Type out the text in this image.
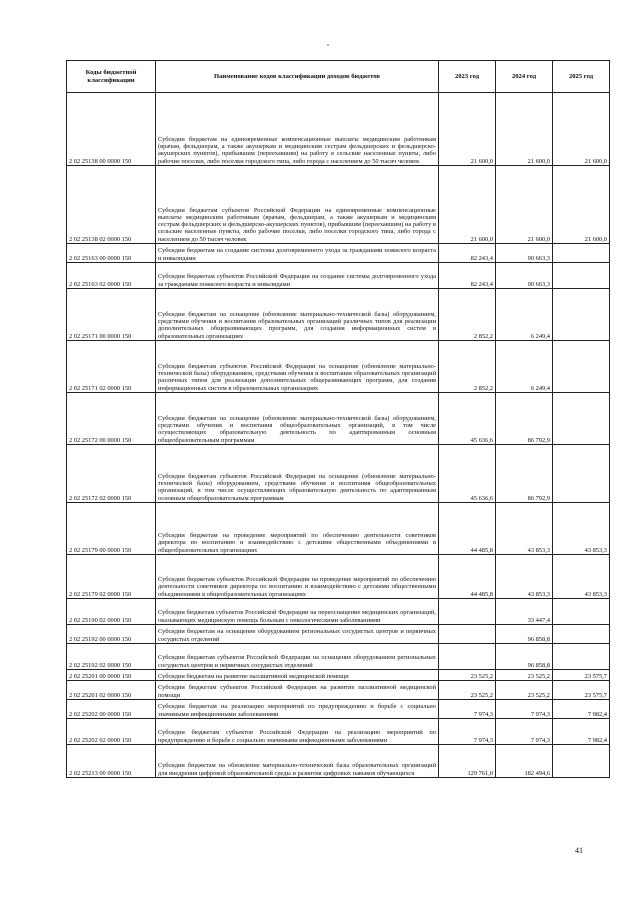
Коды бюджетной классификации	Наименование кодов классификации доходов бюджетов	2023 год	2024 год	2025 год
2 02 25138 00 0000 150	Субсидии бюджетам на единовременные компенсационные выплаты медицинским работникам (врачам, фельдшерам, а также акушеркам и медицинским сестрам фельдшерских и фельдшерско-акушерских пунктов), прибывшим (переехавшим) на работу в сельские населенные пункты, либо рабочие поселки, либо поселки городского типа, либо города с населением до 50 тысяч человек	21 600,0	21 600,0	21 600,0
2 02 25138 02 0000 150	Субсидии бюджетам субъектов Российской Федерации на единовременные компенсационные выплаты медицинским работникам (врачам, фельдшерам, а также акушеркам и медицинским сестрам фельдшерских и фельдшерско-акушерских пунктов), прибывшим (переехавшим) на работу в сельские населенные пункты, либо рабочие поселки, либо поселки городского типа, либо города с населением до 50 тысяч человек	21 600,0	21 600,0	21 600,0
2 02 25163 00 0000 150	Субсидии бюджетам на создание системы долговременного ухода за гражданами пожилого возраста и инвалидами	82 243,4	90 663,3	
2 02 25163 02 0000 150	Субсидии бюджетам субъектов Российской Федерации на создание системы долговременного ухода за гражданами пожилого возраста и инвалидами	82 243,4	90 663,3	
2 02 25171 00 0000 150	Субсидии бюджетам на оснащение (обновление материально-технической базы) оборудованием, средствами обучения и воспитания образовательных организаций различных типов для реализации дополнительных общеразвивающих программ, для создания информационных систем в образовательных организациях	2 852,2	6 249,4	
2 02 25171 02 0000 150	Субсидии бюджетам субъектов Российской Федерации на оснащение (обновление материально-технической базы) оборудованием, средствами обучения и воспитания образовательных организаций различных типов для реализации дополнительных общеразвивающих программ, для создания информационных систем в образовательных организациях	2 852,2	6 249,4	
2 02 25172 00 0000 150	Субсидии бюджетам на оснащение (обновление материально-технической базы) оборудованием, средствами обучения и воспитания общеобразовательных организаций, в том числе осуществляющих образовательную деятельность по адаптированным основным общеобразовательным программам	45 636,6	86 792,9	
2 02 25172 02 0000 150	Субсидии бюджетам субъектов Российской Федерации на оснащение (обновление материально-технической базы) оборудованием, средствами обучения и воспитания общеобразовательных организаций, в том числе осуществляющих образовательную деятельность по адаптированным основным общеобразовательным программам	45 636,6	86 792,9	
2 02 25179 00 0000 150	Субсидии бюджетам на проведение мероприятий по обеспечению деятельности советников директора по воспитанию и взаимодействию с детскими общественными объединениями в общеобразовательных организациях	44 485,8	43 853,3	43 853,3
2 02 25179 02 0000 150	Субсидии бюджетам субъектов Российской Федерации на проведение мероприятий по обеспечению деятельности советников директора по воспитанию и взаимодействию с детскими общественными объединениями в общеобразовательных организациях	44 485,8	43 853,3	43 853,3
2 02 25190 02 0000 150	Субсидии бюджетам субъектов Российской Федерации на переоснащение медицинских организаций, оказывающих медицинскую помощь больным с онкологическими заболеваниями		33 447,4	
2 02 25192 00 0000 150	Субсидии бюджетам на оснащение оборудованием региональных сосудистых центров и первичных сосудистых отделений		96 858,8	
2 02 25192 02 0000 150	Субсидии бюджетам субъектов Российской Федерации на оснащение оборудованием региональных сосудистых центров и первичных сосудистых отделений		96 858,8	
2 02 25201 00 0000 150	Субсидии бюджетам на развитие паллиативной медицинской помощи	23 525,2	23 525,2	23 575,7
2 02 25201 02 0000 150	Субсидии бюджетам субъектов Российской Федерации на развитие паллиативной медицинской помощи	23 525,2	23 525,2	23 575,7
2 02 25202 00 0000 150	Субсидии бюджетам на реализацию мероприятий по предупреждению и борьбе с социально значимыми инфекционными заболеваниями	7 974,3	7 974,3	7 982,4
2 02 25202 02 0000 150	Субсидии бюджетам субъектов Российской Федерации на реализацию мероприятий по предупреждению и борьбе с социально значимыми инфекционными заболеваниями	7 974,3	7 974,3	7 982,4
2 02 25213 00 0000 150	Субсидии бюджетам на обновление материально-технической базы образовательных организаций для внедрения цифровой образовательной среды и развития цифровых навыков обучающихся	129 761,0	182 494,6	
41
